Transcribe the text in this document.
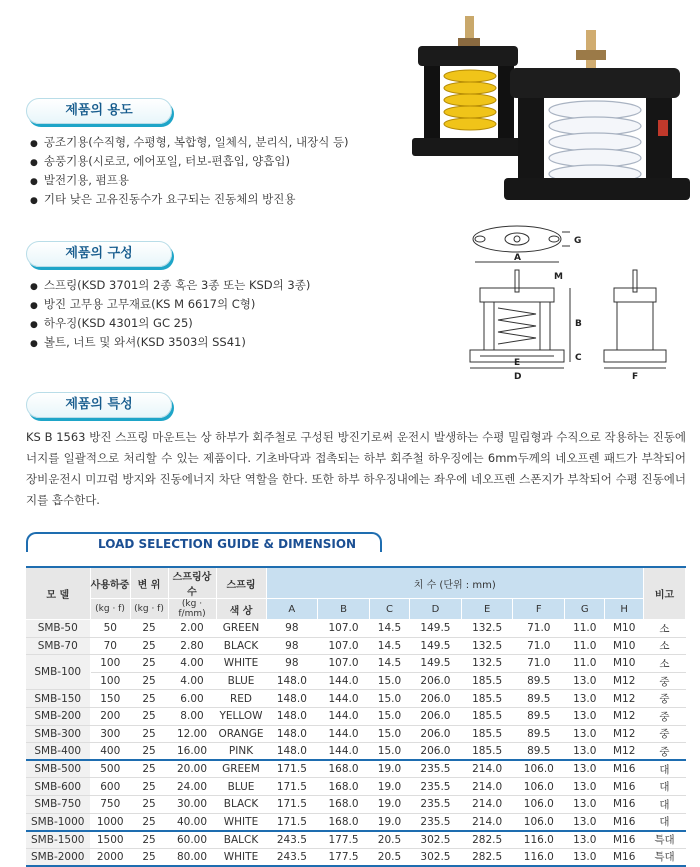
제품의 용도
● 공조기용(수직형, 수평형, 복합형, 일체식, 분리식, 내장식 등)
● 송풍기용(시로코, 에어포일, 터보-편흡입, 양흡입)
● 발전기용, 펌프용
● 기타 낮은 고유진동수가 요구되는 진동체의 방진용
제품의 구성
● 스프링(KSD 3701의 2종 혹은 3종 또는 KSD의 3종)
● 방진 고무용 고무재료(KS M 6617의 C형)
● 하우징(KSD 4301의 GC 25)
● 볼트, 너트 및 와셔(KSD 3503의 SS41)
G
A
M
B
C
E
D	F
제품의 특성

KS B 1563 방진 스프링 마운트는 상 하부가 회주철로 구성된 방진기로써 운전시 발생하는 수평 밀림형과 수직으로 작용하는 진동에너지를 일괄적으로 처리할 수 있는 제품이다. 기초바닥과 접촉되는 하부 회주철 하우징에는 6mm두께의 네오프렌 패드가 부착되어 장비운전시 미끄럼 방지와 진동에너지 차단 역할을 한다. 또한 하부 하우징내에는 좌우에 네오프렌 스폰지가 부착되어 수평 진동에너지를 흡수한다.

LOAD SELECTION GUIDE & DIMENSION
모 델	사용하중	변 위	스프링상수	스프링	치 수 (단위 : mm)								비고
	(kg · f)	(kg · f)	(kg · f/mm)	색 상	A	B	C	D	E	F	G	H	
SMB-50	50	25	2.00	GREEN	98	107.0	14.5	149.5	132.5	71.0	11.0	M10	소
SMB-70	70	25	2.80	BLACK	98	107.0	14.5	149.5	132.5	71.0	11.0	M10	소
SMB-100	100	25	4.00	WHITE	98	107.0	14.5	149.5	132.5	71.0	11.0	M10	소
	100	25	4.00	BLUE	148.0	144.0	15.0	206.0	185.5	89.5	13.0	M12	중
SMB-150	150	25	6.00	RED	148.0	144.0	15.0	206.0	185.5	89.5	13.0	M12	중
SMB-200	200	25	8.00	YELLOW	148.0	144.0	15.0	206.0	185.5	89.5	13.0	M12	중
SMB-300	300	25	12.00	ORANGE	148.0	144.0	15.0	206.0	185.5	89.5	13.0	M12	중
SMB-400	400	25	16.00	PINK	148.0	144.0	15.0	206.0	185.5	89.5	13.0	M12	중
SMB-500	500	25	20.00	GREEM	171.5	168.0	19.0	235.5	214.0	106.0	13.0	M16	대
SMB-600	600	25	24.00	BLUE	171.5	168.0	19.0	235.5	214.0	106.0	13.0	M16	대
SMB-750	750	25	30.00	BLACK	171.5	168.0	19.0	235.5	214.0	106.0	13.0	M16	대
SMB-1000	1000	25	40.00	WHITE	171.5	168.0	19.0	235.5	214.0	106.0	13.0	M16	대
SMB-1500	1500	25	60.00	BALCK	243.5	177.5	20.5	302.5	282.5	116.0	13.0	M16	특대
SMB-2000	2000	25	80.00	WHITE	243.5	177.5	20.5	302.5	282.5	116.0	13.0	M16	특대
